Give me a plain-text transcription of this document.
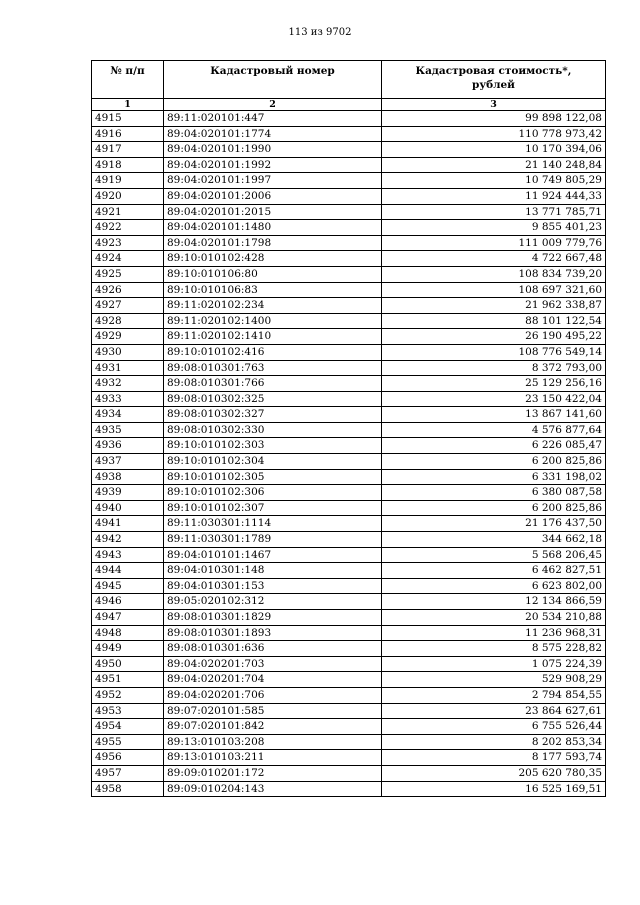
113 из 9702
№ п/п	Кадастровый номер	Кадастровая стоимость*,
рублей
1	2	3
4915	89:11:020101:447	99 898 122,08
4916	89:04:020101:1774	110 778 973,42
4917	89:04:020101:1990	10 170 394,06
4918	89:04:020101:1992	21 140 248,84
4919	89:04:020101:1997	10 749 805,29
4920	89:04:020101:2006	11 924 444,33
4921	89:04:020101:2015	13 771 785,71
4922	89:04:020101:1480	9 855 401,23
4923	89:04:020101:1798	111 009 779,76
4924	89:10:010102:428	4 722 667,48
4925	89:10:010106:80	108 834 739,20
4926	89:10:010106:83	108 697 321,60
4927	89:11:020102:234	21 962 338,87
4928	89:11:020102:1400	88 101 122,54
4929	89:11:020102:1410	26 190 495,22
4930	89:10:010102:416	108 776 549,14
4931	89:08:010301:763	8 372 793,00
4932	89:08:010301:766	25 129 256,16
4933	89:08:010302:325	23 150 422,04
4934	89:08:010302:327	13 867 141,60
4935	89:08:010302:330	4 576 877,64
4936	89:10:010102:303	6 226 085,47
4937	89:10:010102:304	6 200 825,86
4938	89:10:010102:305	6 331 198,02
4939	89:10:010102:306	6 380 087,58
4940	89:10:010102:307	6 200 825,86
4941	89:11:030301:1114	21 176 437,50
4942	89:11:030301:1789	344 662,18
4943	89:04:010101:1467	5 568 206,45
4944	89:04:010301:148	6 462 827,51
4945	89:04:010301:153	6 623 802,00
4946	89:05:020102:312	12 134 866,59
4947	89:08:010301:1829	20 534 210,88
4948	89:08:010301:1893	11 236 968,31
4949	89:08:010301:636	8 575 228,82
4950	89:04:020201:703	1 075 224,39
4951	89:04:020201:704	529 908,29
4952	89:04:020201:706	2 794 854,55
4953	89:07:020101:585	23 864 627,61
4954	89:07:020101:842	6 755 526,44
4955	89:13:010103:208	8 202 853,34
4956	89:13:010103:211	8 177 593,74
4957	89:09:010201:172	205 620 780,35
4958	89:09:010204:143	16 525 169,51
